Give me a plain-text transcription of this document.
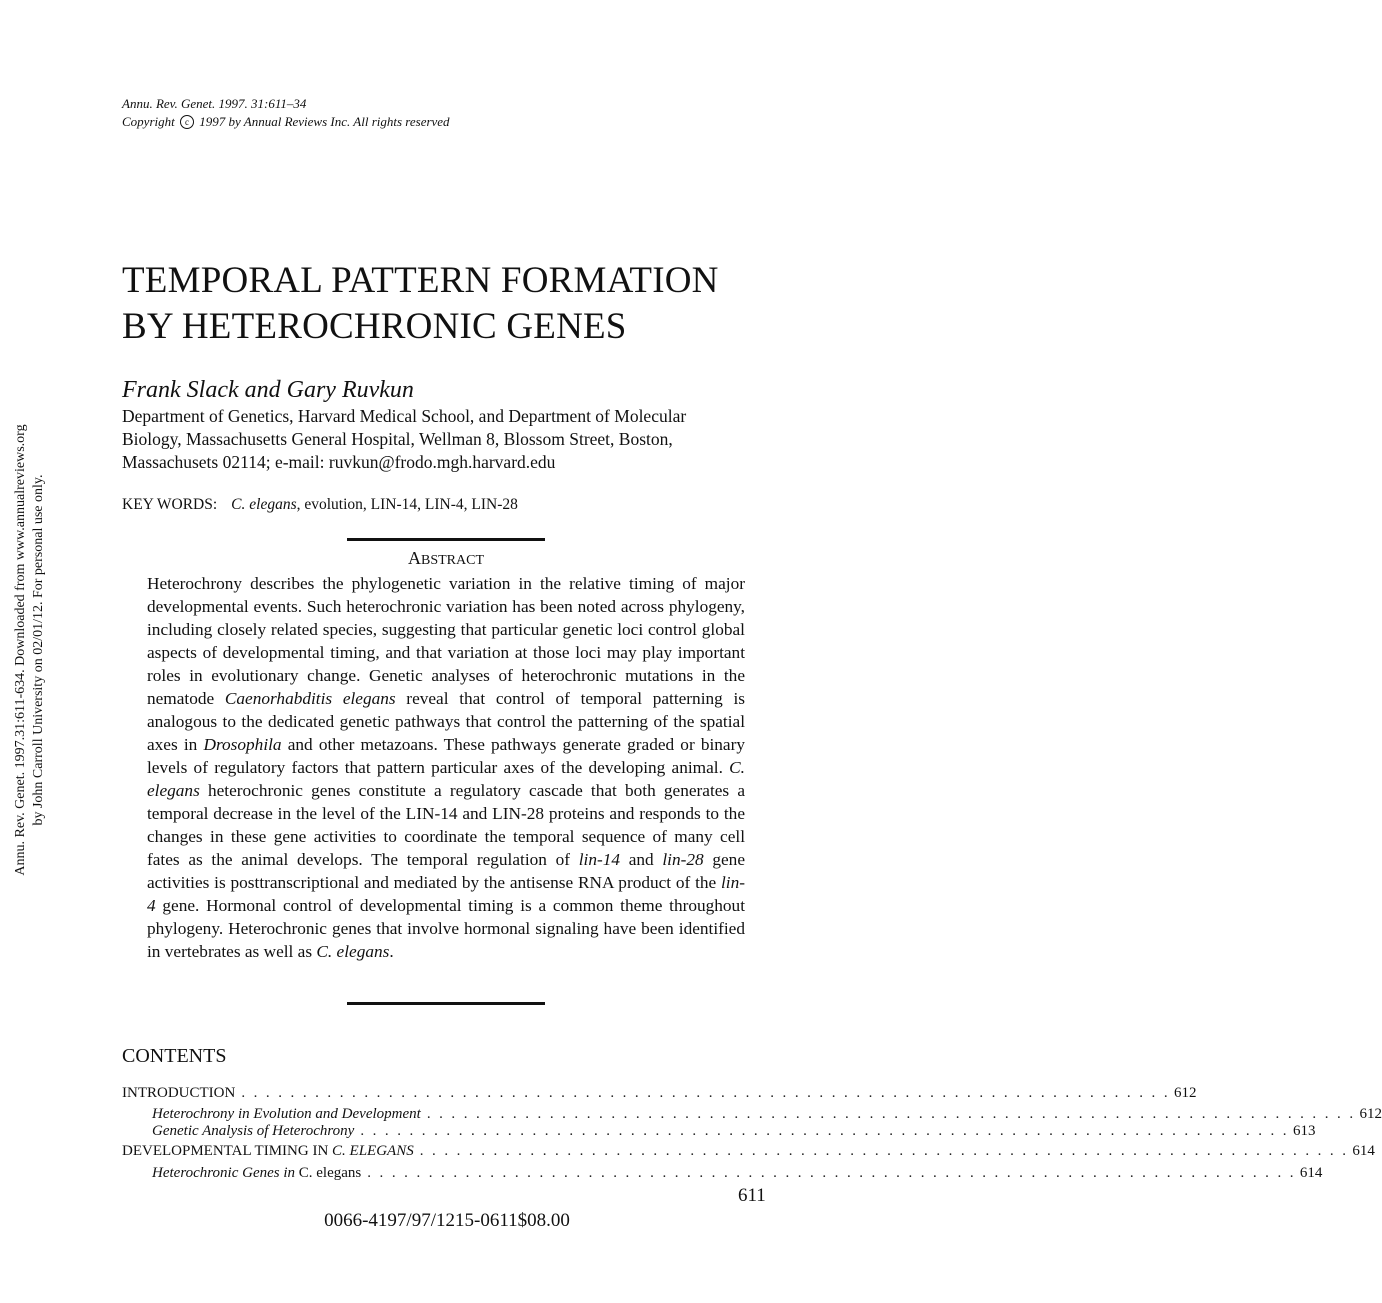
Annu. Rev. Genet. 1997.31:611-634. Downloaded from www.annualreviews.org by John Carroll University on 02/01/12. For personal use only.
Annu. Rev. Genet. 1997. 31:611–34
Copyright c 1997 by Annual Reviews Inc. All rights reserved
TEMPORAL PATTERN FORMATION
BY HETEROCHRONIC GENES
Frank Slack and Gary Ruvkun
Department of Genetics, Harvard Medical School, and Department of Molecular
Biology, Massachusetts General Hospital, Wellman 8, Blossom Street, Boston,
Massachusets 02114; e-mail: ruvkun@frodo.mgh.harvard.edu
KEY WORDS: C. elegans, evolution, LIN-14, LIN-4, LIN-28
ABSTRACT
Heterochrony describes the phylogenetic variation in the relative timing of major developmental events. Such heterochronic variation has been noted across phylogeny, including closely related species, suggesting that particular genetic loci control global aspects of developmental timing, and that variation at those loci may play important roles in evolutionary change. Genetic analyses of heterochronic mutations in the nematode Caenorhabditis elegans reveal that control of temporal patterning is analogous to the dedicated genetic pathways that control the patterning of the spatial axes in Drosophila and other metazoans. These pathways generate graded or binary levels of regulatory factors that pattern particular axes of the developing animal. C. elegans heterochronic genes constitute a regulatory cascade that both generates a temporal decrease in the level of the LIN-14 and LIN-28 proteins and responds to the changes in these gene activities to coordinate the temporal sequence of many cell fates as the animal develops. The temporal regulation of lin-14 and lin-28 gene activities is posttranscriptional and mediated by the antisense RNA product of the lin-4 gene. Hormonal control of developmental timing is a common theme throughout phylogeny. Heterochronic genes that involve hormonal signaling have been identified in vertebrates as well as C. elegans.
CONTENTS
INTRODUCTION . . . . . . . . . . . . . . . . . . . . . . . . . . . . . . . . . . . . . . . . . . . . . . . . . . . . . . . . . . . . . . . . . . . . . . . . . . . . 612
Heterochrony in Evolution and Development . . . . . . . . . . . . . . . . . . . . . . . . . . . . . . . . . . . . . . . . . . . . . . . . . . . . . . . . . . . . . . . . . . . . . . . . . . . . 612
Genetic Analysis of Heterochrony . . . . . . . . . . . . . . . . . . . . . . . . . . . . . . . . . . . . . . . . . . . . . . . . . . . . . . . . . . . . . . . . . . . . . . . . . . . . 613
DEVELOPMENTAL TIMING IN C. ELEGANS . . . . . . . . . . . . . . . . . . . . . . . . . . . . . . . . . . . . . . . . . . . . . . . . . . . . . . . . . . . . . . . . . . . . . . . . . . . . 614
Heterochronic Genes in C. elegans . . . . . . . . . . . . . . . . . . . . . . . . . . . . . . . . . . . . . . . . . . . . . . . . . . . . . . . . . . . . . . . . . . . . . . . . . . . . 614
611
0066-4197/97/1215-0611$08.00
